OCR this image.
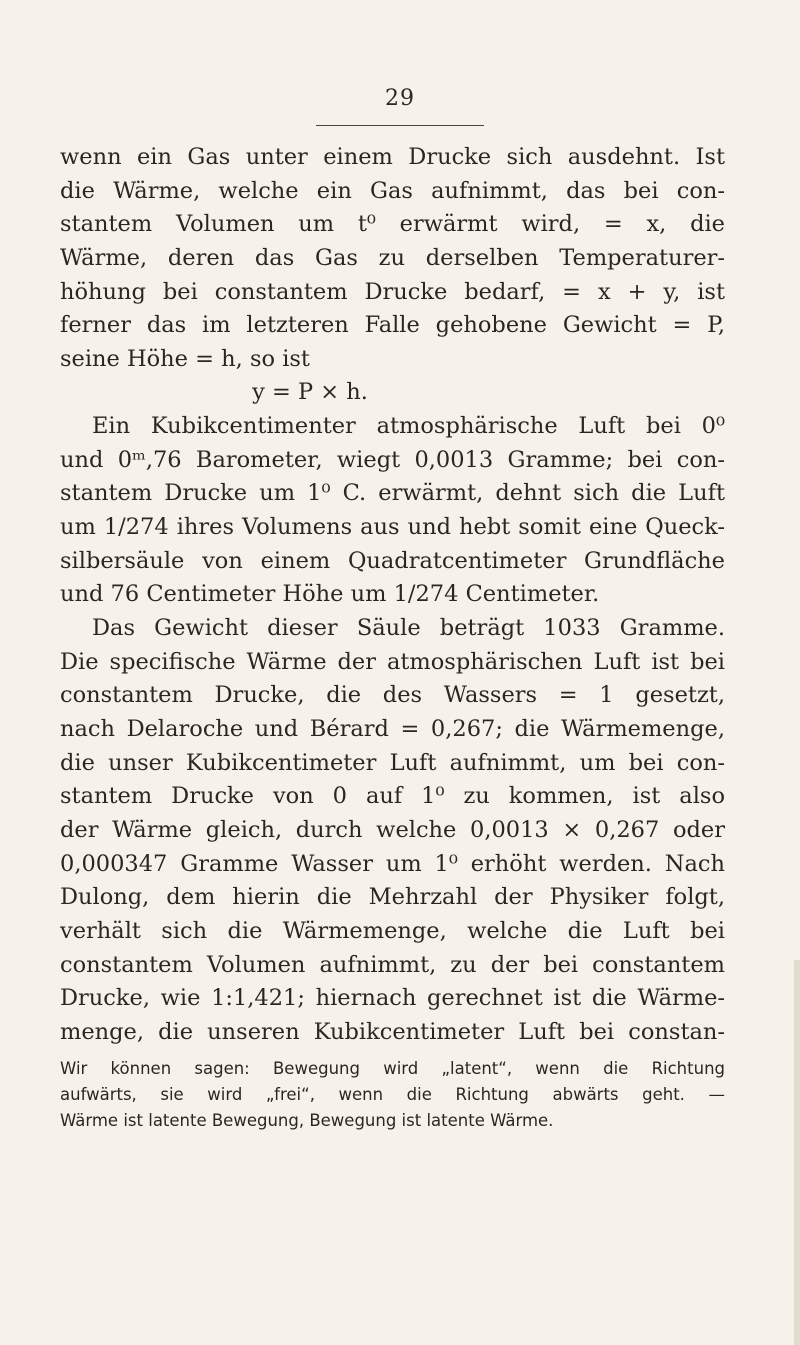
29
wenn ein Gas unter einem Drucke sich ausdehnt. Ist
die Wärme, welche ein Gas aufnimmt, das bei con-
stantem Volumen um t⁰ erwärmt wird, = x, die
Wärme, deren das Gas zu derselben Temperaturer-
höhung bei constantem Drucke bedarf, = x + y, ist
ferner das im letzteren Falle gehobene Gewicht = P,
seine Höhe = h, so ist
y = P × h.
Ein Kubikcentimenter atmosphärische Luft bei 0⁰
und 0ᵐ,76 Barometer, wiegt 0,0013 Gramme; bei con-
stantem Drucke um 1⁰ C. erwärmt, dehnt sich die Luft
um 1/274 ihres Volumens aus und hebt somit eine Queck-
silbersäule von einem Quadratcentimeter Grundfläche
und 76 Centimeter Höhe um 1/274 Centimeter.
Das Gewicht dieser Säule beträgt 1033 Gramme.
Die specifische Wärme der atmosphärischen Luft ist bei
constantem Drucke, die des Wassers = 1 gesetzt,
nach Delaroche und Bérard = 0,267; die Wärmemenge,
die unser Kubikcentimeter Luft aufnimmt, um bei con-
stantem Drucke von 0 auf 1⁰ zu kommen, ist also
der Wärme gleich, durch welche 0,0013 × 0,267 oder
0,000347 Gramme Wasser um 1⁰ erhöht werden. Nach
Dulong, dem hierin die Mehrzahl der Physiker folgt,
verhält sich die Wärmemenge, welche die Luft bei
constantem Volumen aufnimmt, zu der bei constantem
Drucke, wie 1:1,421; hiernach gerechnet ist die Wärme-
menge, die unseren Kubikcentimeter Luft bei constan-
Wir können sagen: Bewegung wird „latent“, wenn die Richtung
aufwärts, sie wird „frei“, wenn die Richtung abwärts geht. —
Wärme ist latente Bewegung, Bewegung ist latente Wärme.
